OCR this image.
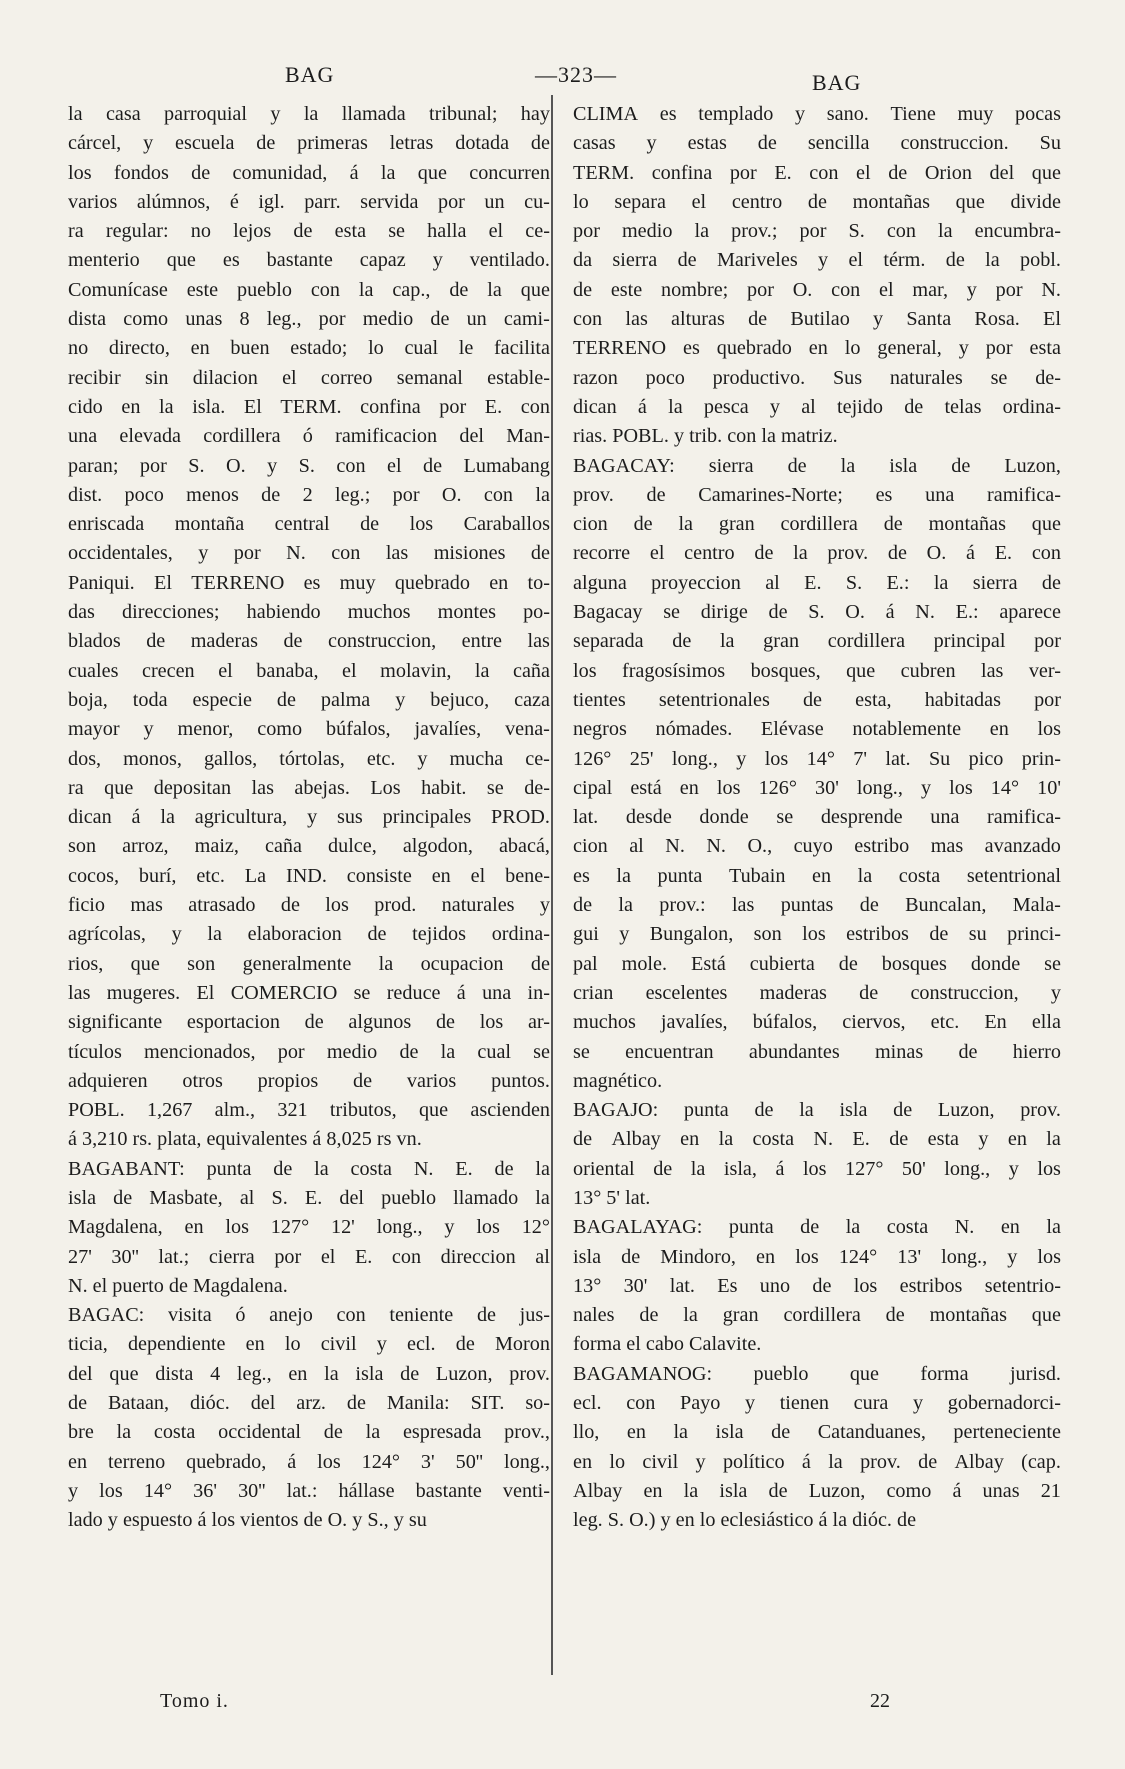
BAG	—323—	BAG
la casa parroquial y la llamada tribunal; hay
cárcel, y escuela de primeras letras dotada de
los fondos de comunidad, á la que concurren
varios alúmnos, é igl. parr. servida por un cu-
ra regular: no lejos de esta se halla el ce-
menterio que es bastante capaz y ventilado.
Comunícase este pueblo con la cap., de la que
dista como unas 8 leg., por medio de un cami-
no directo, en buen estado; lo cual le facilita
recibir sin dilacion el correo semanal estable-
cido en la isla. El TERM. confina por E. con
una elevada cordillera ó ramificacion del Man-
paran; por S. O. y S. con el de Lumabang
dist. poco menos de 2 leg.; por O. con la
enriscada montaña central de los Caraballos
occidentales, y por N. con las misiones de
Paniqui. El TERRENO es muy quebrado en to-
das direcciones; habiendo muchos montes po-
blados de maderas de construccion, entre las
cuales crecen el banaba, el molavin, la caña
boja, toda especie de palma y bejuco, caza
mayor y menor, como búfalos, javalíes, vena-
dos, monos, gallos, tórtolas, etc. y mucha ce-
ra que depositan las abejas. Los habit. se de-
dican á la agricultura, y sus principales PROD.
son arroz, maiz, caña dulce, algodon, abacá,
cocos, burí, etc. La IND. consiste en el bene-
ficio mas atrasado de los prod. naturales y
agrícolas, y la elaboracion de tejidos ordina-
rios, que son generalmente la ocupacion de
las mugeres. El COMERCIO se reduce á una in-
significante esportacion de algunos de los ar-
tículos mencionados, por medio de la cual se
adquieren otros propios de varios puntos.
POBL. 1,267 alm., 321 tributos, que ascienden
á 3,210 rs. plata, equivalentes á 8,025 rs vn.
BAGABANT: punta de la costa N. E. de la
isla de Masbate, al S. E. del pueblo llamado la
Magdalena, en los 127° 12' long., y los 12°
27' 30'' lat.; cierra por el E. con direccion al
N. el puerto de Magdalena.
BAGAC: visita ó anejo con teniente de jus-
ticia, dependiente en lo civil y ecl. de Moron
del que dista 4 leg., en la isla de Luzon, prov.
de Bataan, dióc. del arz. de Manila: SIT. so-
bre la costa occidental de la espresada prov.,
en terreno quebrado, á los 124° 3' 50'' long.,
y los 14° 36' 30'' lat.: hállase bastante venti-
lado y espuesto á los vientos de O. y S., y su
CLIMA es templado y sano. Tiene muy pocas
casas y estas de sencilla construccion. Su
TERM. confina por E. con el de Orion del que
lo separa el centro de montañas que divide
por medio la prov.; por S. con la encumbra-
da sierra de Mariveles y el térm. de la pobl.
de este nombre; por O. con el mar, y por N.
con las alturas de Butilao y Santa Rosa. El
TERRENO es quebrado en lo general, y por esta
razon poco productivo. Sus naturales se de-
dican á la pesca y al tejido de telas ordina-
rias. POBL. y trib. con la matriz.
BAGACAY: sierra de la isla de Luzon,
prov. de Camarines-Norte; es una ramifica-
cion de la gran cordillera de montañas que
recorre el centro de la prov. de O. á E. con
alguna proyeccion al E. S. E.: la sierra de
Bagacay se dirige de S. O. á N. E.: aparece
separada de la gran cordillera principal por
los fragosísimos bosques, que cubren las ver-
tientes setentrionales de esta, habitadas por
negros nómades. Elévase notablemente en los
126° 25' long., y los 14° 7' lat. Su pico prin-
cipal está en los 126° 30' long., y los 14° 10'
lat. desde donde se desprende una ramifica-
cion al N. N. O., cuyo estribo mas avanzado
es la punta Tubain en la costa setentrional
de la prov.: las puntas de Buncalan, Mala-
gui y Bungalon, son los estribos de su princi-
pal mole. Está cubierta de bosques donde se
crian escelentes maderas de construccion, y
muchos javalíes, búfalos, ciervos, etc. En ella
se encuentran abundantes minas de hierro
magnético.
BAGAJO: punta de la isla de Luzon, prov.
de Albay en la costa N. E. de esta y en la
oriental de la isla, á los 127° 50' long., y los
13° 5' lat.
BAGALAYAG: punta de la costa N. en la
isla de Mindoro, en los 124° 13' long., y los
13° 30' lat. Es uno de los estribos setentrio-
nales de la gran cordillera de montañas que
forma el cabo Calavite.
BAGAMANOG: pueblo que forma jurisd.
ecl. con Payo y tienen cura y gobernadorci-
llo, en la isla de Catanduanes, perteneciente
en lo civil y político á la prov. de Albay (cap.
Albay en la isla de Luzon, como á unas 21
leg. S. O.) y en lo eclesiástico á la dióc. de
Tomo i.	22
